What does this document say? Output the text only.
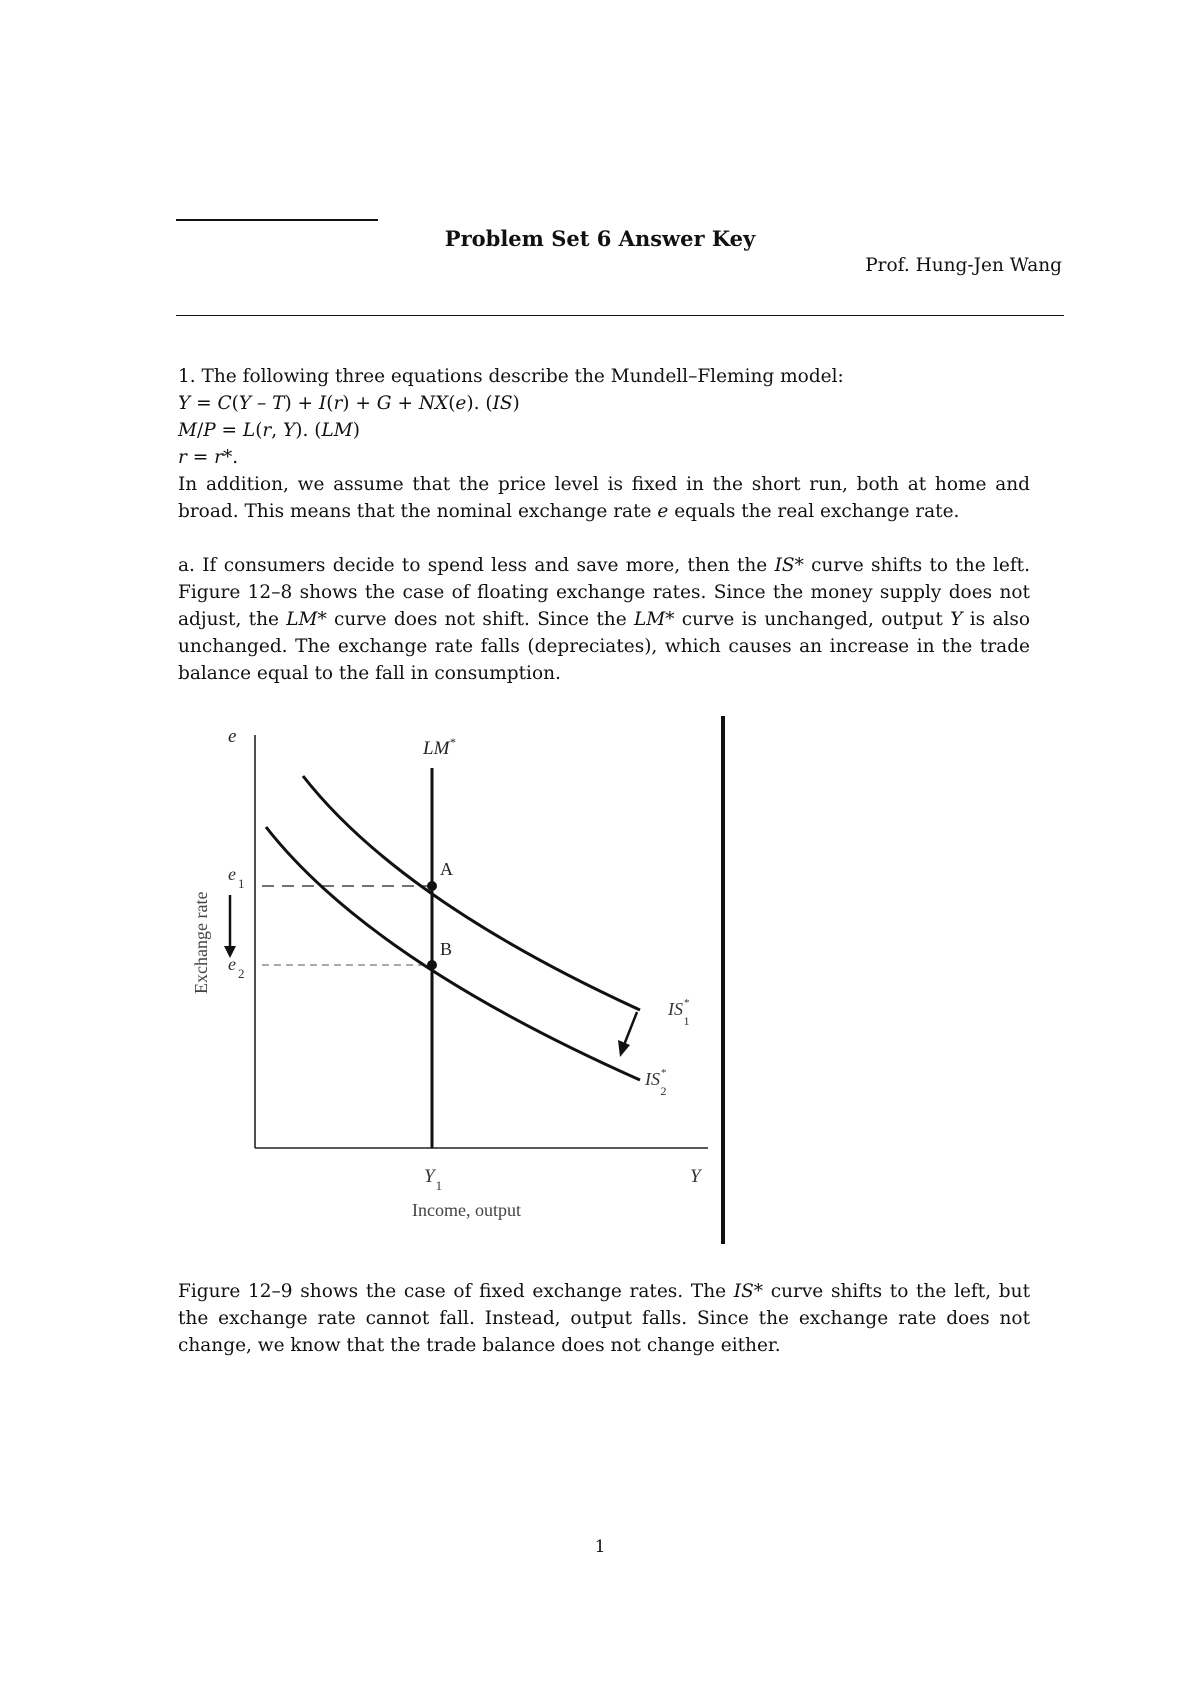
Problem Set 6 Answer Key
Prof. Hung-Jen Wang
1. The following three equations describe the Mundell–Fleming model:
Y = C(Y – T) + I(r) + G + NX(e). (IS)
M/P = L(r, Y). (LM)
r = r*.
In addition, we assume that the price level is fixed in the short run, both at home and broad. This means that the nominal exchange rate e equals the real exchange rate.
a. If consumers decide to spend less and save more, then the IS* curve shifts to the left. Figure 12–8 shows the case of floating exchange rates. Since the money supply does not adjust, the LM* curve does not shift. Since the LM* curve is unchanged, output Y is also unchanged. The exchange rate falls (depreciates), which causes an increase in the trade balance equal to the fall in consumption.
e
LM*
A
B
e $_1$
e $_2$
IS* 1
IS* 2
$Y_1$	Y
Income, output
Exchange rate
Figure 12–9 shows the case of fixed exchange rates. The IS* curve shifts to the left, but the exchange rate cannot fall. Instead, output falls. Since the exchange rate does not change, we know that the trade balance does not change either.
1
